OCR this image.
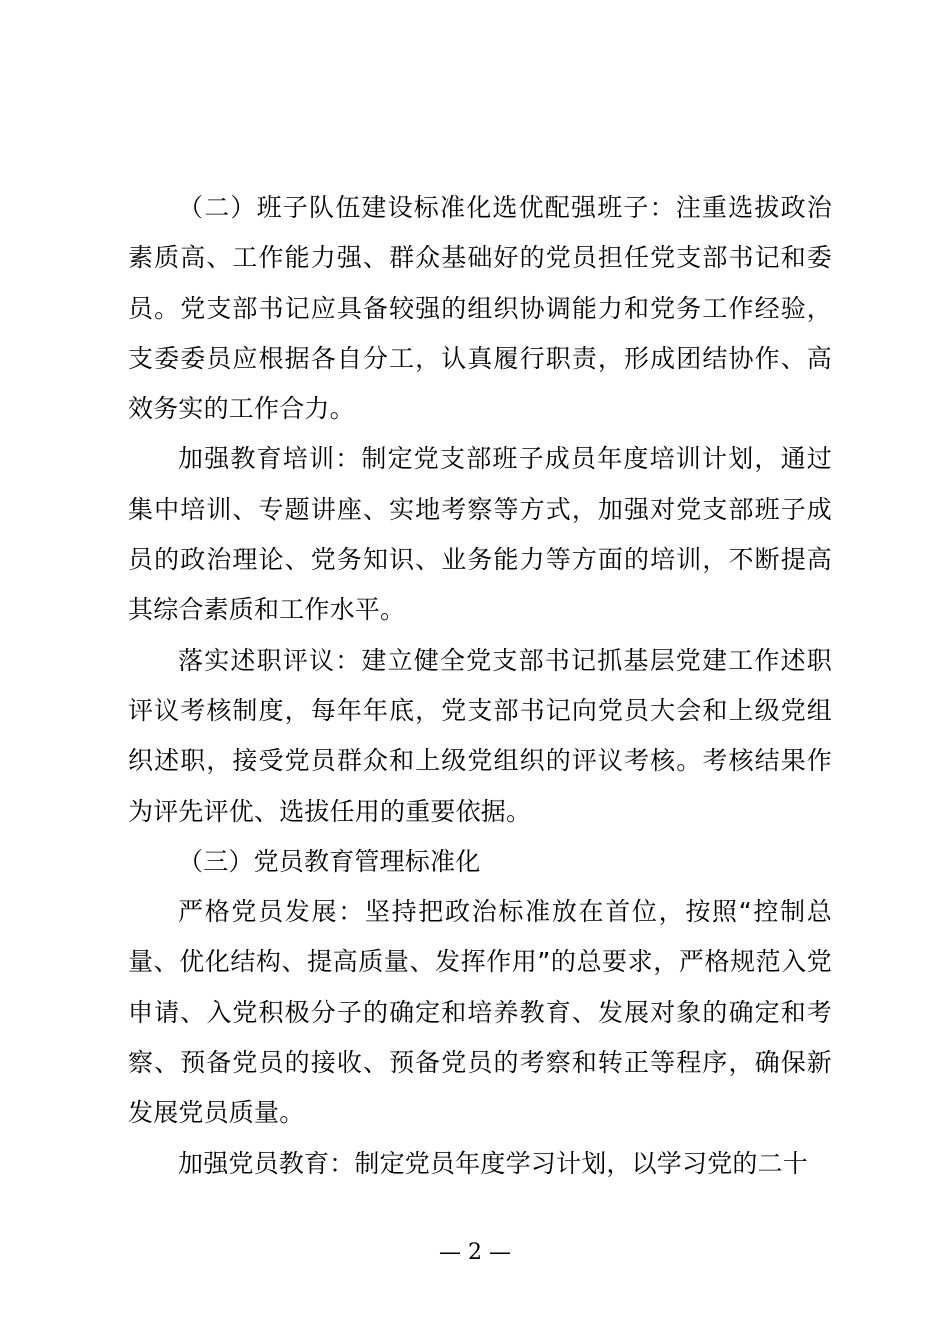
（二）班子队伍建设标准化选优配强班子：注重选拔政治素质高、工作能力强、群众基础好的党员担任党支部书记和委员。党支部书记应具备较强的组织协调能力和党务工作经验，支委委员应根据各自分工，认真履行职责，形成团结协作、高效务实的工作合力。

加强教育培训：制定党支部班子成员年度培训计划，通过集中培训、专题讲座、实地考察等方式，加强对党支部班子成员的政治理论、党务知识、业务能力等方面的培训，不断提高其综合素质和工作水平。

落实述职评议：建立健全党支部书记抓基层党建工作述职评议考核制度，每年年底，党支部书记向党员大会和上级党组织述职，接受党员群众和上级党组织的评议考核。考核结果作为评先评优、选拔任用的重要依据。

（三）党员教育管理标准化

严格党员发展：坚持把政治标准放在首位，按照“控制总量、优化结构、提高质量、发挥作用”的总要求，严格规范入党申请、入党积极分子的确定和培养教育、发展对象的确定和考察、预备党员的接收、预备党员的考察和转正等程序，确保新发展党员质量。

加强党员教育：制定党员年度学习计划，以学习党的二十

— 2 —
